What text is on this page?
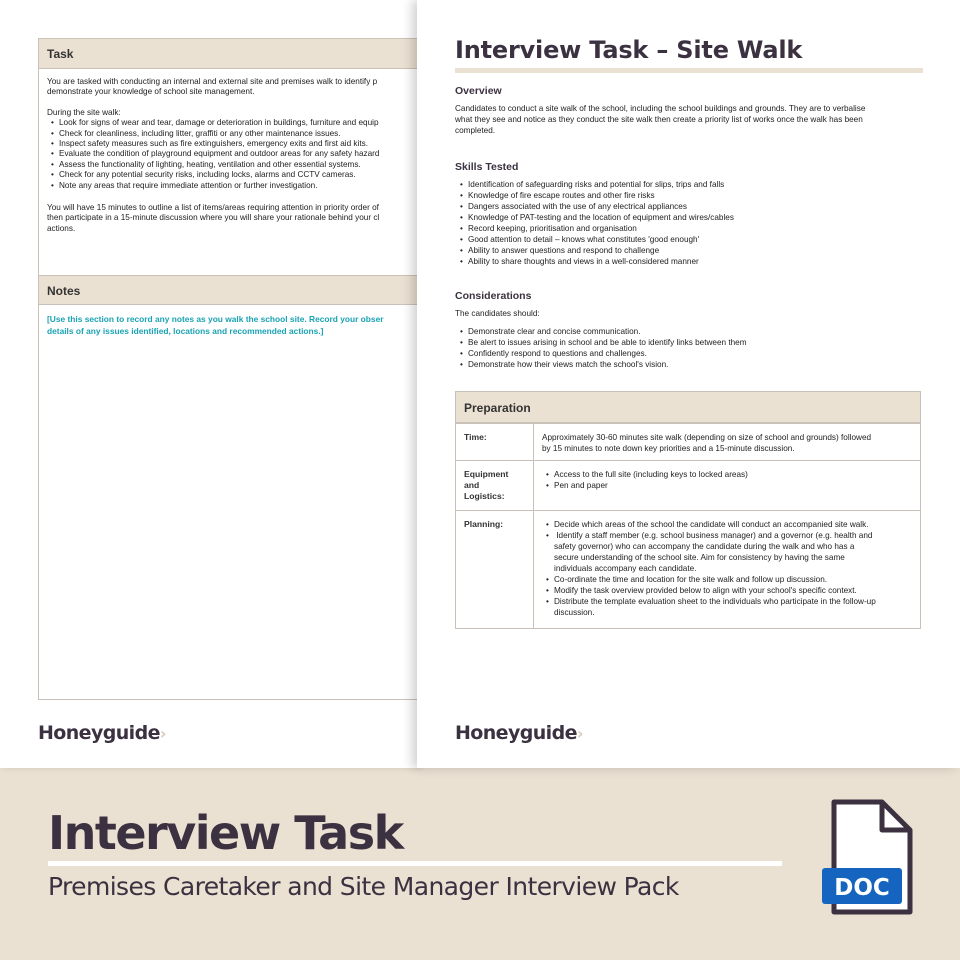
Task

You are tasked with conducting an internal and external site and premises walk to identify p

demonstrate your knowledge of school site management.

During the site walk:

• Look for signs of wear and tear, damage or deterioration in buildings, furniture and equip
• Check for cleanliness, including litter, graffiti or any other maintenance issues.
• Inspect safety measures such as fire extinguishers, emergency exits and first aid kits.
• Evaluate the condition of playground equipment and outdoor areas for any safety hazard
• Assess the functionality of lighting, heating, ventilation and other essential systems.
• Check for any potential security risks, including locks, alarms and CCTV cameras.
• Note any areas that require immediate attention or further investigation.

You will have 15 minutes to outline a list of items/areas requiring attention in priority order of

then participate in a 15-minute discussion where you will share your rationale behind your cl

actions.

Notes

[Use this section to record any notes as you walk the school site. Record your obser

details of any issues identified, locations and recommended actions.]

Honeyguide›
Interview Task – Site Walk
Overview

Candidates to conduct a site walk of the school, including the school buildings and grounds. They are to verbalise

what they see and notice as they conduct the site walk then create a priority list of works once the walk has been

completed.

Skills Tested
• Identification of safeguarding risks and potential for slips, trips and falls
• Knowledge of fire escape routes and other fire risks
• Dangers associated with the use of any electrical appliances
• Knowledge of PAT-testing and the location of equipment and wires/cables
• Record keeping, prioritisation and organisation
• Good attention to detail – knows what constitutes 'good enough'
• Ability to answer questions and respond to challenge
• Ability to share thoughts and views in a well-considered manner
Considerations

The candidates should:

• Demonstrate clear and concise communication.
• Be alert to issues arising in school and be able to identify links between them
• Confidently respond to questions and challenges.
• Demonstrate how their views match the school's vision.
Preparation
Time:	Approximately 30-60 minutes site walk (depending on size of school and grounds) followed

by 15 minutes to note down key priorities and a 15-minute discussion.

Equipment
and
Logistics:
• Access to the full site (including keys to locked areas)
• Pen and paper
Planning:
•	Decide which areas of the school the candidate will conduct an accompanied site walk.
• Identify a staff member (e.g. school business manager) and a governor (e.g. health and
safety governor) who can accompany the candidate during the walk and who has a
secure understanding of the school site. Aim for consistency by having the same
individuals accompany each candidate.
• Co-ordinate the time and location for the site walk and follow up discussion.
• Modify the task overview provided below to align with your school's specific context.
• Distribute the template evaluation sheet to the individuals who participate in the follow-up
discussion.
Honeyguide›
Interview Task
Premises Caretaker and Site Manager Interview Pack	DOC
